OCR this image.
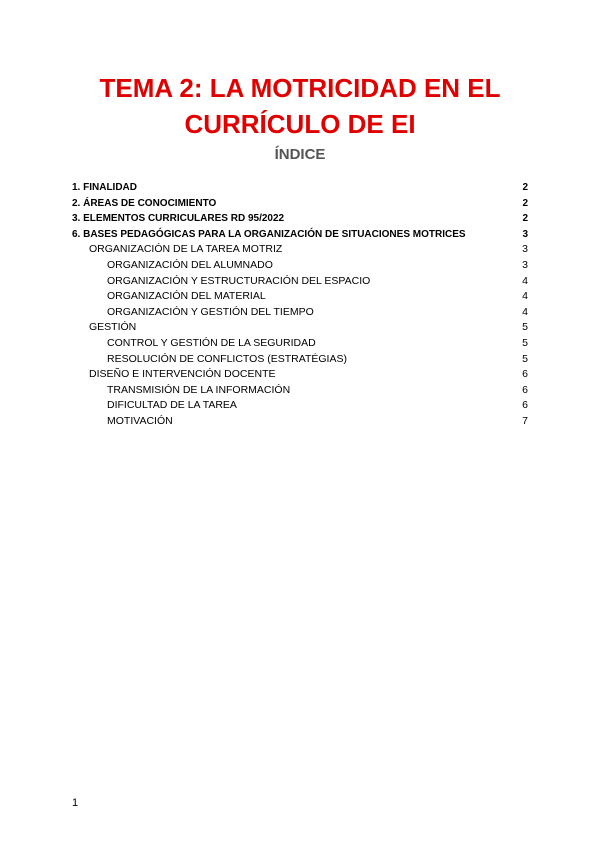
TEMA 2: LA MOTRICIDAD EN EL
CURRÍCULO DE EI
ÍNDICE
1. FINALIDAD	2
2. ÁREAS DE CONOCIMIENTO	2
3. ELEMENTOS CURRICULARES RD 95/2022	2
6. BASES PEDAGÓGICAS PARA LA ORGANIZACIÓN DE SITUACIONES MOTRICES	3
ORGANIZACIÓN DE LA TAREA MOTRIZ	3
ORGANIZACIÓN DEL ALUMNADO	3
ORGANIZACIÓN Y ESTRUCTURACIÓN DEL ESPACIO	4
ORGANIZACIÓN DEL MATERIAL	4
ORGANIZACIÓN Y GESTIÓN DEL TIEMPO	4
GESTIÓN	5
CONTROL Y GESTIÓN DE LA SEGURIDAD	5
RESOLUCIÓN DE CONFLICTOS (ESTRATÉGIAS)	5
DISEÑO E INTERVENCIÓN DOCENTE	6
TRANSMISIÓN DE LA INFORMACIÓN	6
DIFICULTAD DE LA TAREA	6
MOTIVACIÓN	7
1
